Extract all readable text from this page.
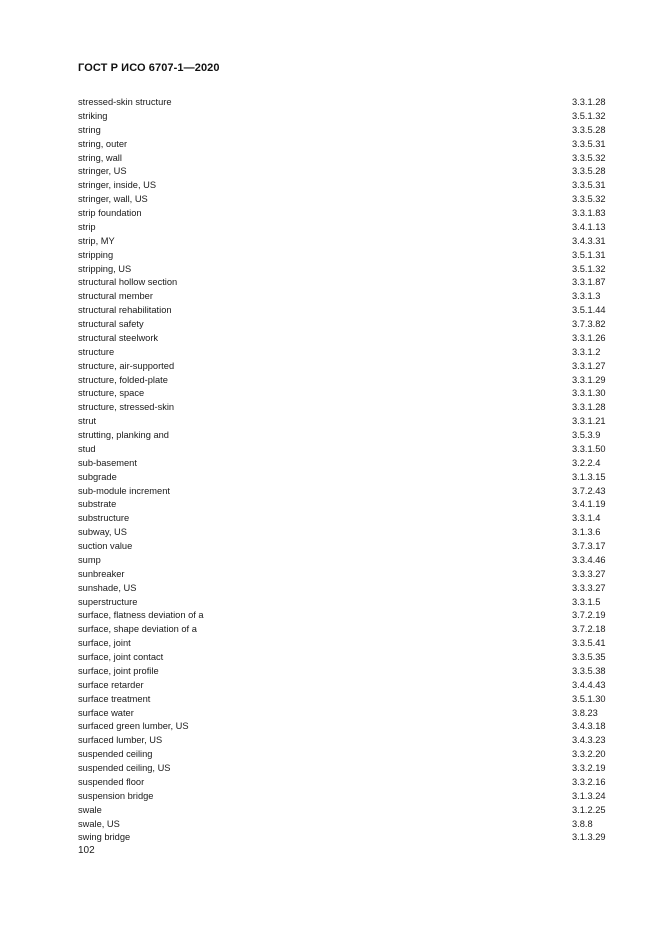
ГОСТ Р ИСО 6707-1—2020
stressed-skin structure	3.3.1.28
striking	3.5.1.32
string	3.3.5.28
string, outer	3.3.5.31
string, wall	3.3.5.32
stringer, US	3.3.5.28
stringer, inside, US	3.3.5.31
stringer, wall, US	3.3.5.32
strip foundation	3.3.1.83
strip	3.4.1.13
strip, MY	3.4.3.31
stripping	3.5.1.31
stripping, US	3.5.1.32
structural hollow section	3.3.1.87
structural member	3.3.1.3
structural rehabilitation	3.5.1.44
structural safety	3.7.3.82
structural steelwork	3.3.1.26
structure	3.3.1.2
structure, air-supported	3.3.1.27
structure, folded-plate	3.3.1.29
structure, space	3.3.1.30
structure, stressed-skin	3.3.1.28
strut	3.3.1.21
strutting, planking and	3.5.3.9
stud	3.3.1.50
sub-basement	3.2.2.4
subgrade	3.1.3.15
sub-module increment	3.7.2.43
substrate	3.4.1.19
substructure	3.3.1.4
subway, US	3.1.3.6
suction value	3.7.3.17
sump	3.3.4.46
sunbreaker	3.3.3.27
sunshade, US	3.3.3.27
superstructure	3.3.1.5
surface, flatness deviation of a	3.7.2.19
surface, shape deviation of a	3.7.2.18
surface, joint	3.3.5.41
surface, joint contact	3.3.5.35
surface, joint profile	3.3.5.38
surface retarder	3.4.4.43
surface treatment	3.5.1.30
surface water	3.8.23
surfaced green lumber, US	3.4.3.18
surfaced lumber, US	3.4.3.23
suspended ceiling	3.3.2.20
suspended ceiling, US	3.3.2.19
suspended floor	3.3.2.16
suspension bridge	3.1.3.24
swale	3.1.2.25
swale, US	3.8.8
swing bridge	3.1.3.29
102
